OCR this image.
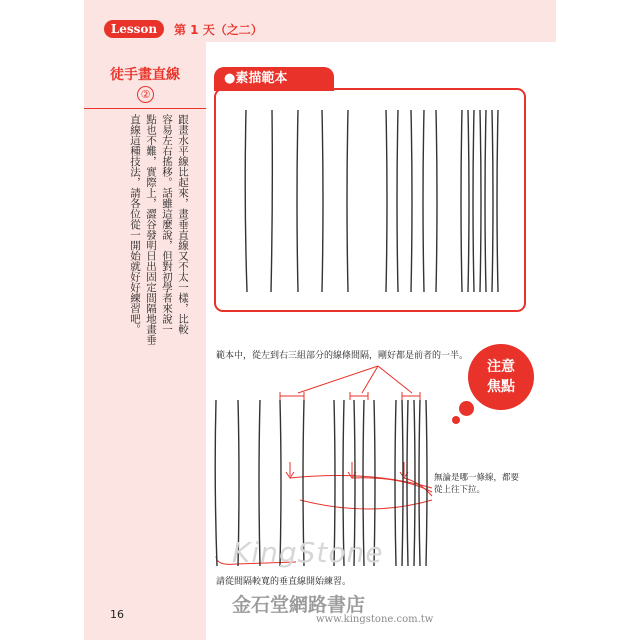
Lesson	第 1 天（之二）
徒手畫直線
②
跟畫水平線比起來，畫垂直線又不太一樣，比較
容易左右搖移。話雖這麼說，但對初學者來說一
點也不難，實際上，澀谷發明日出固定間隔地畫垂
直線這種技法，請各位從一開始就好好練習吧。
●素描範本
範本中，從左到右三組部分的線條間隔，剛好都是前者的一半。
注意
焦點
無論是哪一條線，都要從上往下拉。
請從間隔較寬的垂直線開始練習。
KingStone
金石堂網路書店
www.kingstone.com.tw
16
